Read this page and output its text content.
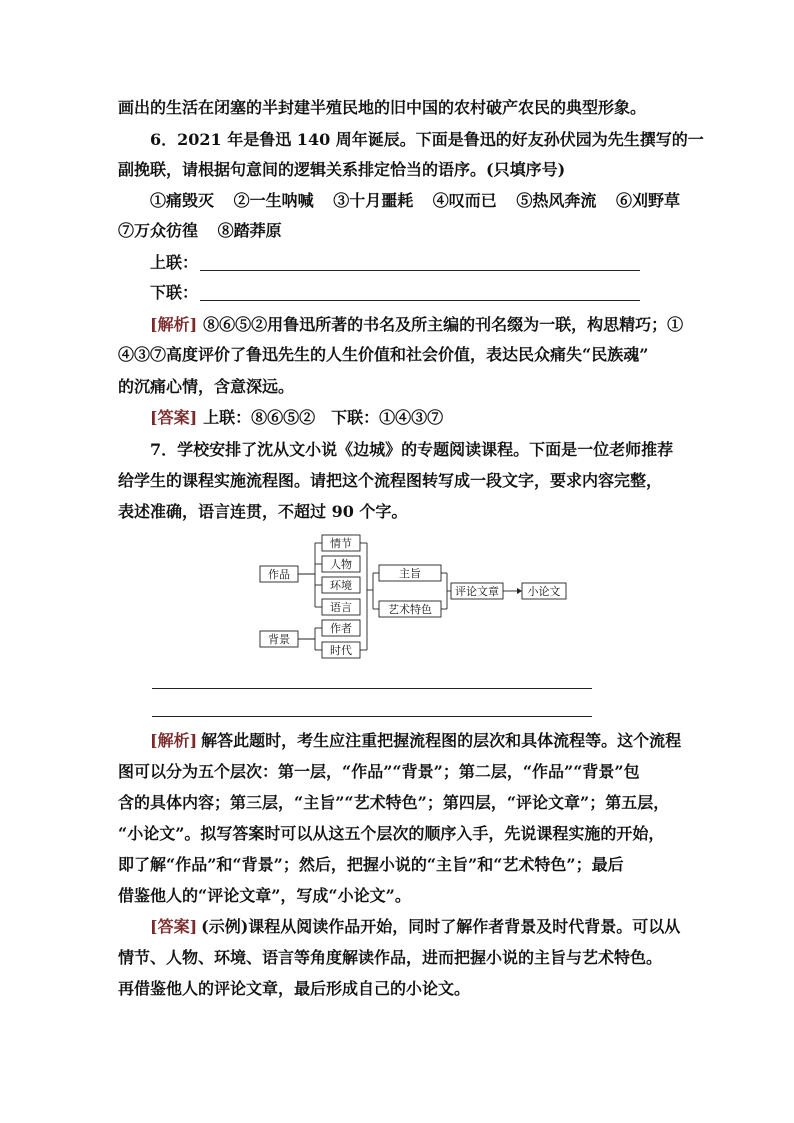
画出的生活在闭塞的半封建半殖民地的旧中国的农村破产农民的典型形象。
6．2021 年是鲁迅 140 周年诞辰。下面是鲁迅的好友孙伏园为先生撰写的一
副挽联，请根据句意间的逻辑关系排定恰当的语序。(只填序号)
①痛毁灭 ②一生呐喊 ③十月噩耗 ④叹而已 ⑤热风奔流 ⑥刈野草
⑦万众彷徨 ⑧踏莽原
上联：
下联：
[解析] ⑧⑥⑤②用鲁迅所著的书名及所主编的刊名缀为一联，构思精巧；①
④③⑦高度评价了鲁迅先生的人生价值和社会价值，表达民众痛失“民族魂”
的沉痛心情，含意深远。
[答案] 上联：⑧⑥⑤②　下联：①④③⑦
7．学校安排了沈从文小说《边城》的专题阅读课程。下面是一位老师推荐
给学生的课程实施流程图。请把这个流程图转写成一段文字，要求内容完整，
表述准确，语言连贯，不超过 90 个字。
作品
背景
情节
人物
环境
语言
作者
时代
主旨
艺术特色
评论文章	小论文
[解析] 解答此题时，考生应注重把握流程图的层次和具体流程等。这个流程
图可以分为五个层次：第一层，“作品”“背景”；第二层，“作品”“背景”包
含的具体内容；第三层，“主旨”“艺术特色”；第四层，“评论文章”；第五层，
“小论文”。拟写答案时可以从这五个层次的顺序入手，先说课程实施的开始，
即了解“作品”和“背景”；然后，把握小说的“主旨”和“艺术特色”；最后
借鉴他人的“评论文章”，写成“小论文”。
[答案] (示例)课程从阅读作品开始，同时了解作者背景及时代背景。可以从
情节、人物、环境、语言等角度解读作品，进而把握小说的主旨与艺术特色。
再借鉴他人的评论文章，最后形成自己的小论文。
